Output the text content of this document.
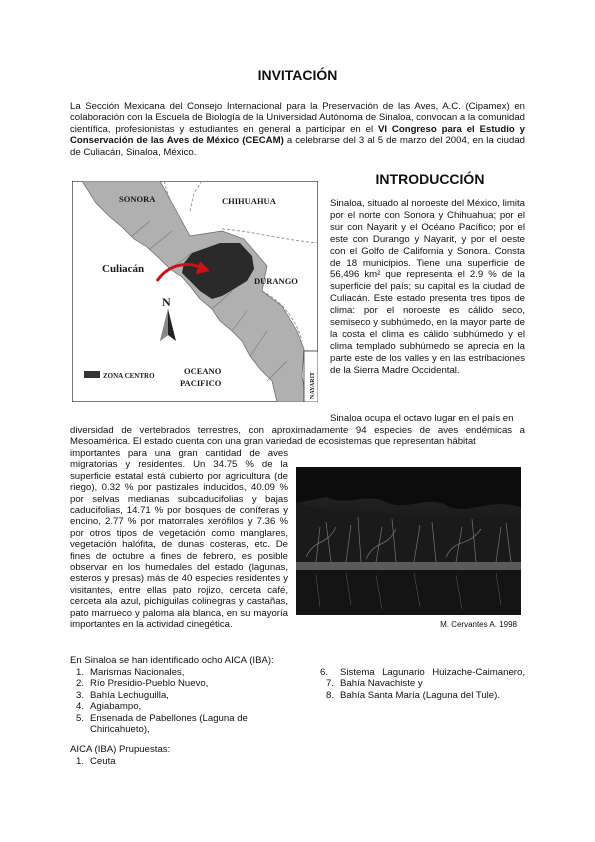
INVITACIÓN
La Sección Mexicana del Consejo Internacional para la Preservación de las Aves, A.C. (Cipamex) en colaboración con la Escuela de Biología de la Universidad Autónoma de Sinaloa, convocan a la comunidad científica, profesionistas y estudiantes en general a participar en el VI Congreso para el Estudio y Conservación de las Aves de México (CECAM) a celebrarse del 3 al 5 de marzo del 2004, en la ciudad de Culiacán, Sinaloa, México.
SONORA	CHIHUAHUA
Culiacán
DURANGO
N
OCEANO
PACIFICO
ZONA CENTRO	NAYARIT
INTRODUCCIÓN
Sinaloa, situado al noroeste del México, limita por el norte con Sonora y Chihuahua; por el sur con Nayarit y el Océano Pacífico; por el este con Durango y Nayarit, y por el oeste con el Golfo de California y Sonora. Consta de 18 municipios. Tiene una superficie de 56,496 km² que representa el 2.9 % de la superficie del país; su capital es la ciudad de Culiacán. Este estado presenta tres tipos de clima: por el noroeste es cálido seco, semiseco y subhúmedo, en la mayor parte de la costa el clima es cálido subhúmedo y el clima templado subhúmedo se aprecia en la parte este de los valles y en las estribaciones de la Sierra Madre Occidental.
Sinaloa ocupa el octavo lugar en el país en
diversidad de vertebrados terrestres, con aproximadamente 94 especies de aves endémicas a Mesoamérica. El estado cuenta con una gran variedad de ecosistemas que representan hábitat
importantes para una gran cantidad de aves migratorias y residentes. Un 34.75 % de la superficie estatal está cubierto por agricultura (de riego), 0.32 % por pastizales inducidos, 40.09 % por selvas medianas subcaducifolias y bajas caducifolias, 14.71 % por bosques de coníferas y encino, 2.77 % por matorrales xerófilos y 7.36 % por otros tipos de vegetación como manglares, vegetación halófita, de dunas costeras, etc. De fines de octubre a fines de febrero, es posible observar en los humedales del estado (lagunas, esteros y presas) más de 40 especies residentes y visitantes, entre ellas pato rojizo, cerceta café, cerceta ala azul, pichiguilas colinegras y castañas, pato marrueco y paloma ala blanca, en su mayoría importantes en la actividad cinegética.	M. Cervantes A. 1998
En Sinaloa se han identificado ocho AICA (IBA):
1. Marismas Nacionales,
2. Río Presidio-Pueblo Nuevo,
3. Bahía Lechuguilla,
4. Agiabampo,
5. Ensenada de Pabellones (Laguna de Chiricahueto),
6.	Sistema Lagunario Huizache-Caimanero,
7. Bahía Navachiste y
8. Bahía Santa María (Laguna del Tule).
AICA (IBA) Prupuestas:
1. Ceuta
